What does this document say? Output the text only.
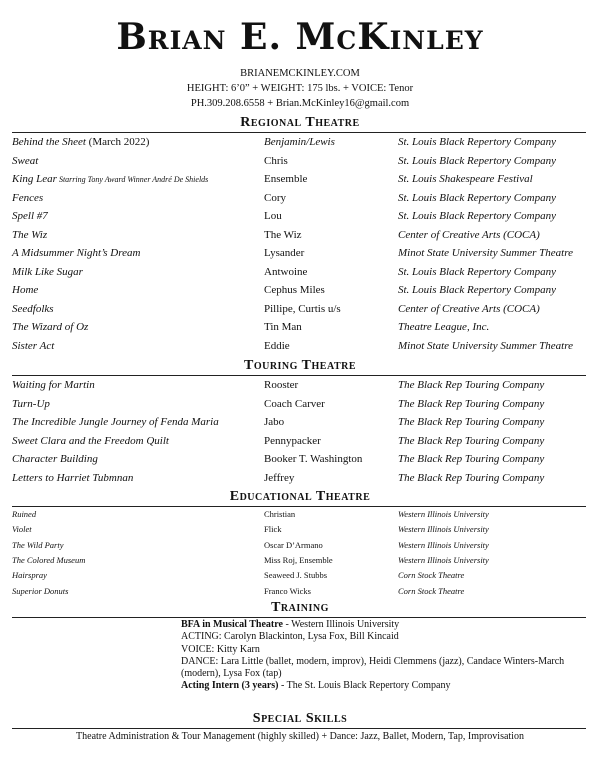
Brian E. McKinley
BRIANEMCKINLEY.COM
HEIGHT: 6’0” + WEIGHT: 175 lbs. + VOICE: Tenor
PH.309.208.6558 + Brian.McKinley16@gmail.com
Regional Theatre
Behind the Sheet (March 2022)	Benjamin/Lewis	St. Louis Black Repertory Company
Sweat	Chris	St. Louis Black Repertory Company
King Lear Starring Tony Award Winner André De Shields	Ensemble	St. Louis Shakespeare Festival
Fences	Cory	St. Louis Black Repertory Company
Spell #7	Lou	St. Louis Black Repertory Company
The Wiz	The Wiz	Center of Creative Arts (COCA)
A Midsummer Night’s Dream	Lysander	Minot State University Summer Theatre
Milk Like Sugar	Antwoine	St. Louis Black Repertory Company
Home	Cephus Miles	St. Louis Black Repertory Company
Seedfolks	Pillipe, Curtis u/s	Center of Creative Arts (COCA)
The Wizard of Oz	Tin Man	Theatre League, Inc.
Sister Act	Eddie	Minot State University Summer Theatre
Touring Theatre
Waiting for Martin	Rooster	The Black Rep Touring Company
Turn-Up	Coach Carver	The Black Rep Touring Company
The Incredible Jungle Journey of Fenda Maria	Jabo	The Black Rep Touring Company
Sweet Clara and the Freedom Quilt	Pennypacker	The Black Rep Touring Company
Character Building	Booker T. Washington	The Black Rep Touring Company
Letters to Harriet Tubmnan	Jeffrey	The Black Rep Touring Company
Educational Theatre
Ruined	Christian	Western Illinois University
Violet	Flick	Western Illinois University
The Wild Party	Oscar D’Armano	Western Illinois University
The Colored Museum	Miss Roj, Ensemble	Western Illinois University
Hairspray	Seaweed J. Stubbs	Corn Stock Theatre
Superior Donuts	Franco Wicks	Corn Stock Theatre
Training
BFA in Musical Theatre - Western Illinois University
ACTING: Carolyn Blackinton, Lysa Fox, Bill Kincaid
VOICE: Kitty Karn
DANCE: Lara Little (ballet, modern, improv), Heidi Clemmens (jazz), Candace Winters-March (modern), Lysa Fox (tap)
Acting Intern (3 years) - The St. Louis Black Repertory Company
Special Skills
Theatre Administration & Tour Management (highly skilled) + Dance: Jazz, Ballet, Modern, Tap, Improvisation
